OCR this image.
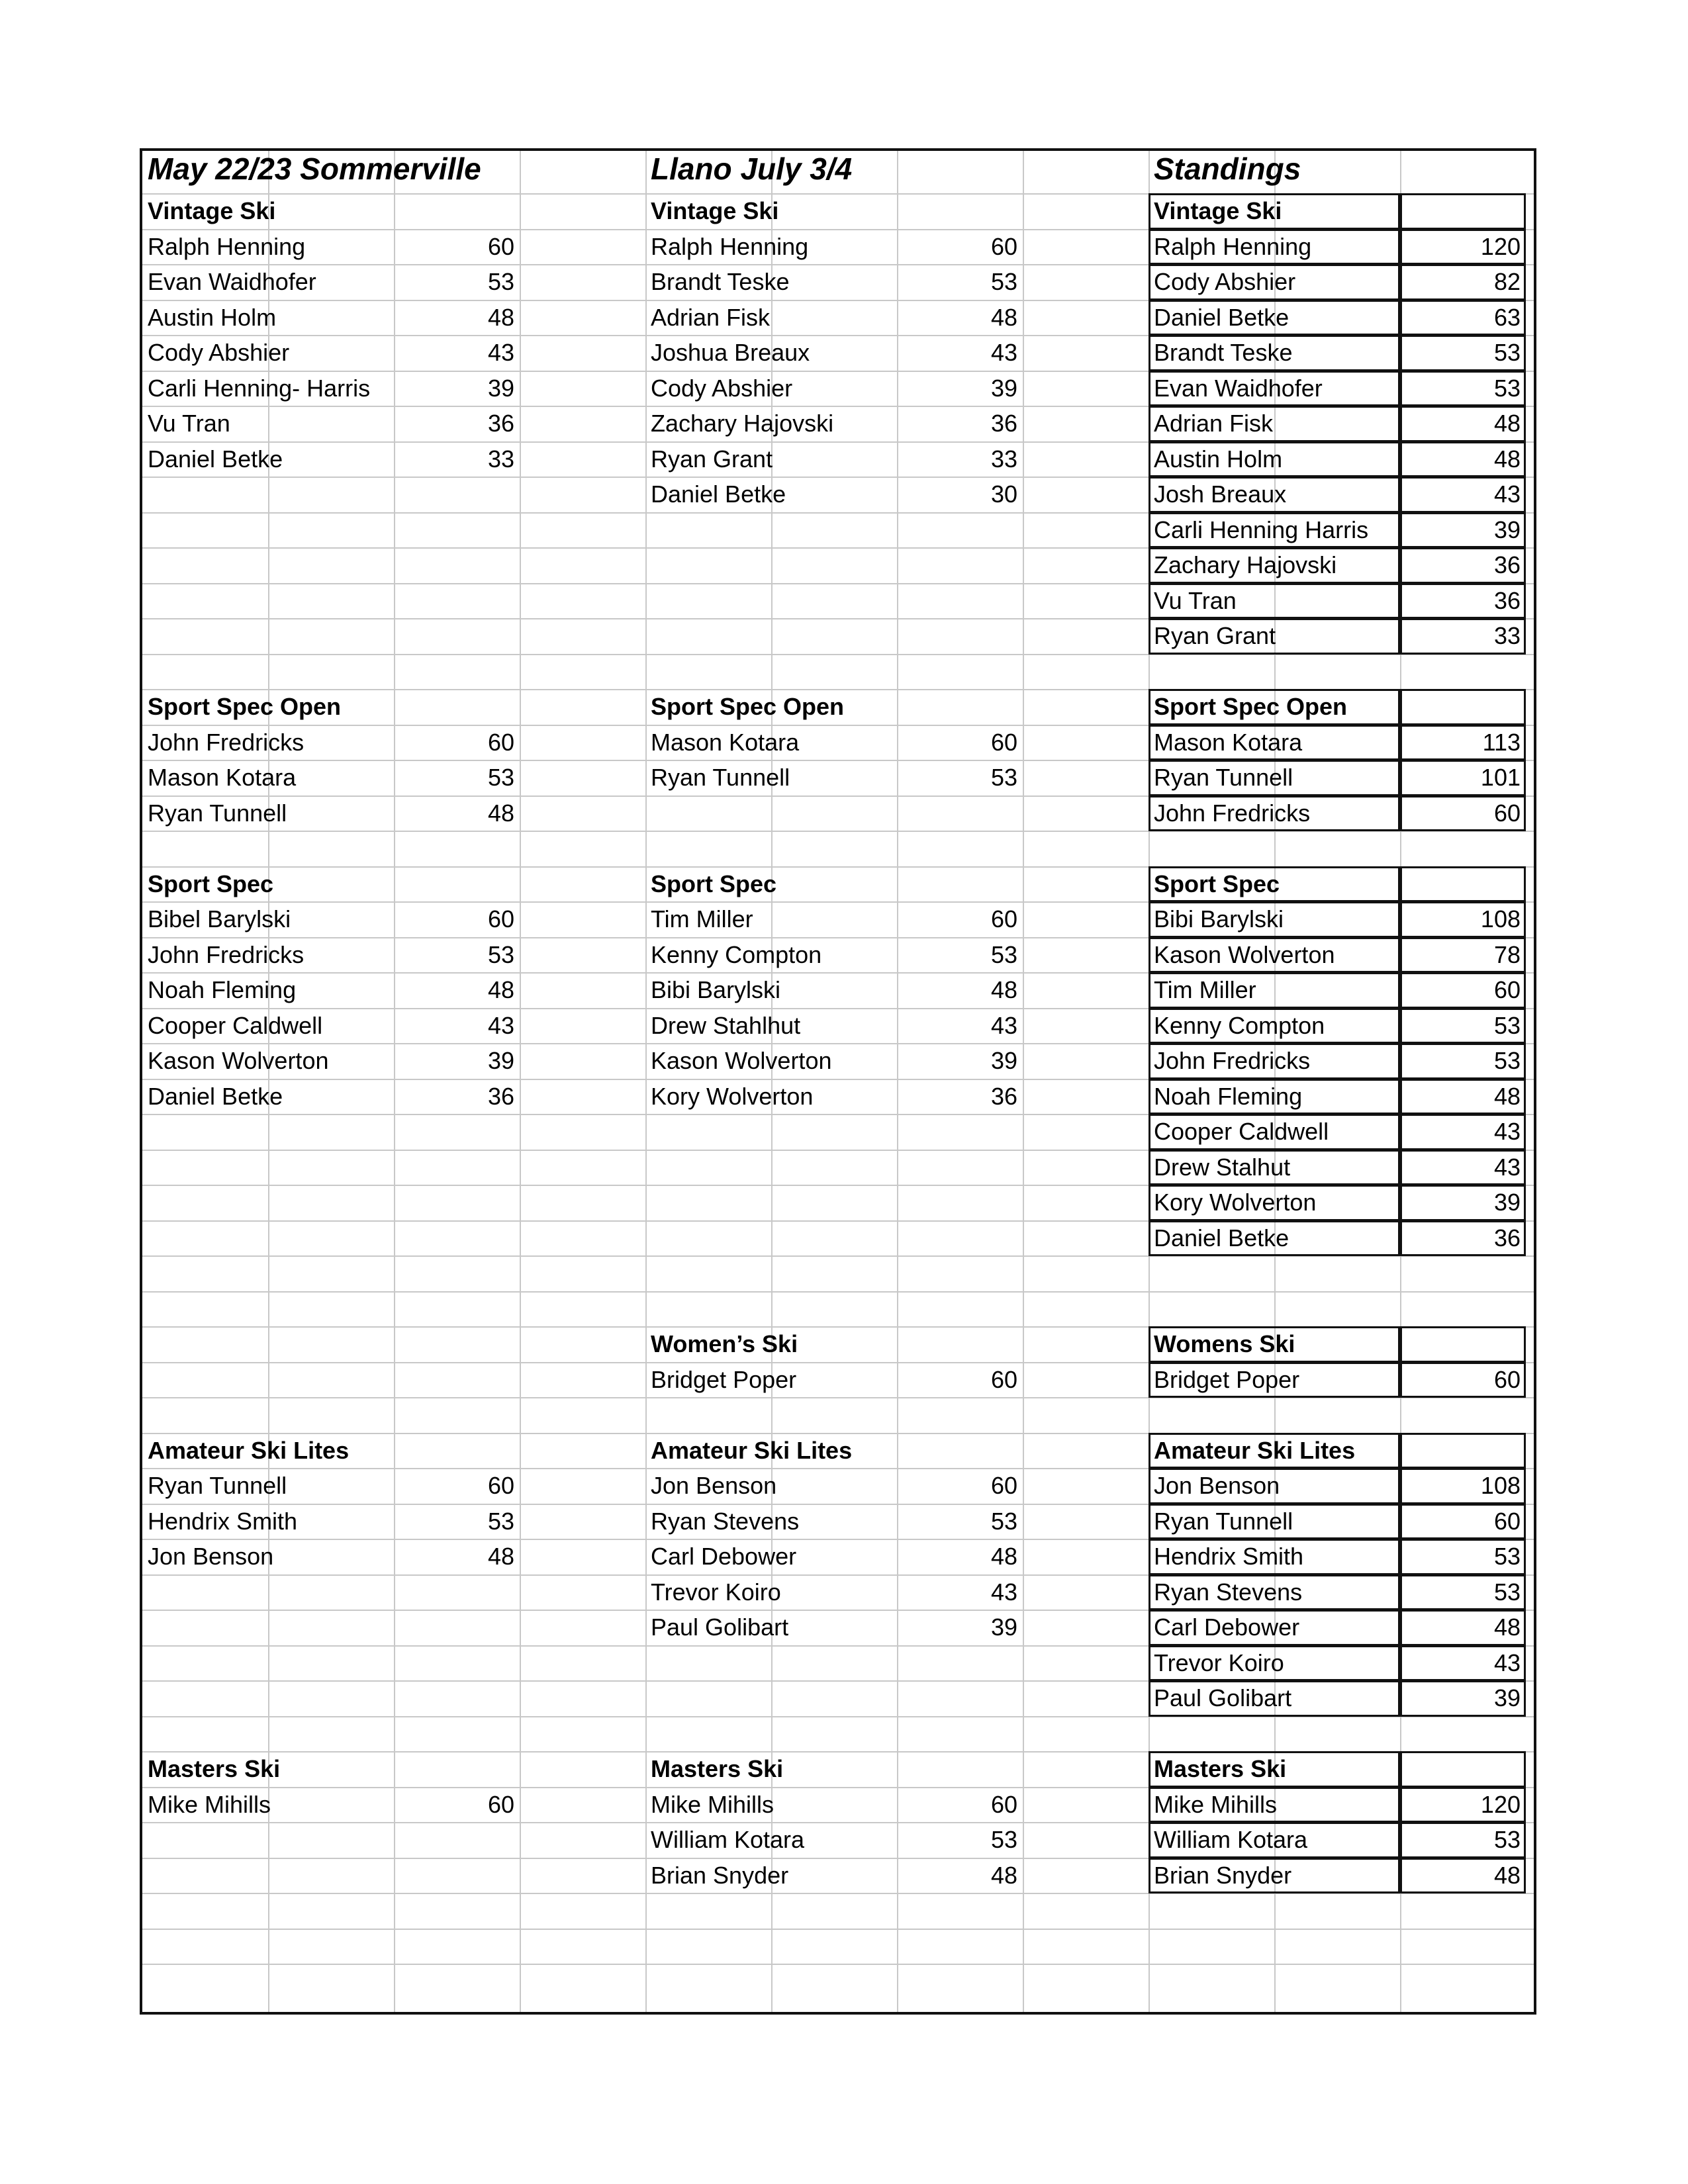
May 22/23 Sommerville	Llano July 3/4	Standings
Vintage Ski
Ralph Henning	60
Evan Waidhofer	53
Austin Holm	48
Cody Abshier	43
Carli Henning- Harris	39
Vu Tran	36
Daniel Betke	33
Sport Spec Open
John Fredricks	60
Mason Kotara	53
Ryan Tunnell	48
Sport Spec
Bibel Barylski	60
John Fredricks	53
Noah Fleming	48
Cooper Caldwell	43
Kason Wolverton	39
Daniel Betke	36
Amateur Ski Lites
Ryan Tunnell	60
Hendrix Smith	53
Jon Benson	48
Masters Ski
Mike Mihills	60
Vintage Ski
Ralph Henning	60
Brandt Teske	53
Adrian Fisk	48
Joshua Breaux	43
Cody Abshier	39
Zachary Hajovski	36
Ryan Grant	33
Daniel Betke	30
Sport Spec Open
Mason Kotara	60
Ryan Tunnell	53
Sport Spec
Tim Miller	60
Kenny Compton	53
Bibi Barylski	48
Drew Stahlhut	43
Kason Wolverton	39
Kory Wolverton	36
Women’s Ski
Bridget Poper	60
Amateur Ski Lites
Jon Benson	60
Ryan Stevens	53
Carl Debower	48
Trevor Koiro	43
Paul Golibart	39
Masters Ski
Mike Mihills	60
William Kotara	53
Brian Snyder	48
Vintage Ski
Ralph Henning	120
Cody Abshier	82
Daniel Betke	63
Brandt Teske	53
Evan Waidhofer	53
Adrian Fisk	48
Austin Holm	48
Josh Breaux	43
Carli Henning Harris	39
Zachary Hajovski	36
Vu Tran	36
Ryan Grant	33
Sport Spec Open
Mason Kotara	113
Ryan Tunnell	101
John Fredricks	60
Sport Spec
Bibi Barylski	108
Kason Wolverton	78
Tim Miller	60
Kenny Compton	53
John Fredricks	53
Noah Fleming	48
Cooper Caldwell	43
Drew Stalhut	43
Kory Wolverton	39
Daniel Betke	36
Womens Ski
Bridget Poper	60
Amateur Ski Lites
Jon Benson	108
Ryan Tunnell	60
Hendrix Smith	53
Ryan Stevens	53
Carl Debower	48
Trevor Koiro	43
Paul Golibart	39
Masters Ski
Mike Mihills	120
William Kotara	53
Brian Snyder	48
